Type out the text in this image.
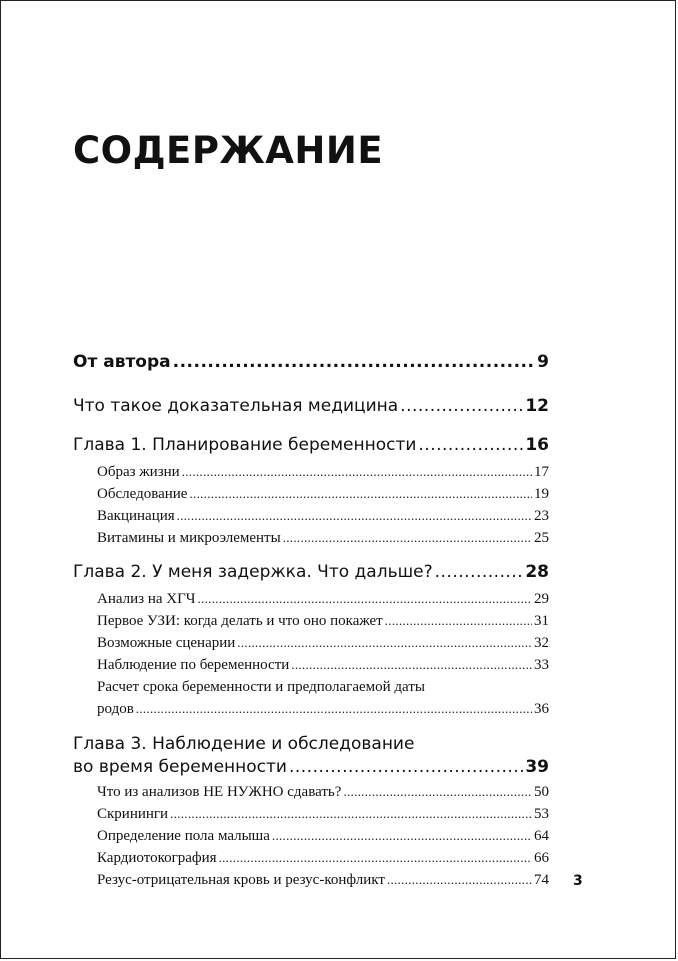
СОДЕРЖАНИЕ
От автора .....	9
Что такое доказательная медицина .....	12
Глава 1. Планирование беременности .....	16
Образ жизни .....	17
Обследование .....	19
Вакцинация .....	23
Витамины и микроэлементы .....	25
Глава 2. У меня задержка. Что дальше? .....	28
Анализ на ХГЧ .....	29
Первое УЗИ: когда делать и что оно покажет .....	31
Возможные сценарии .....	32
Наблюдение по беременности .....	33
Расчет срока беременности и предполагаемой даты
родов .....	36
Глава 3. Наблюдение и обследование
во время беременности .....	39
Что из анализов НЕ НУЖНО сдавать? .....	50
Скрининги .....	53
Определение пола малыша .....	64
Кардиотокография .....	66
Резус-отрицательная кровь и резус-конфликт .....	74 3
